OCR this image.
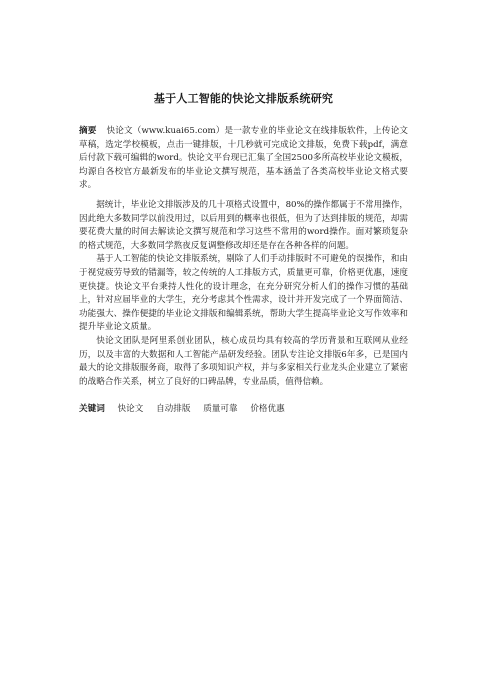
基于人工智能的快论文排版系统研究

摘要 快论文（www.kuai65.com）是一款专业的毕业论文在线排版软件，上传论文草稿，选定学校模板，点击一键排版，十几秒就可完成论文排版，免费下载pdf，满意后付款下载可编辑的word。快论文平台现已汇集了全国2500多所高校毕业论文模板，均源自各校官方最新发布的毕业论文撰写规范，基本涵盖了各类高校毕业论文格式要求。

据统计，毕业论文排版涉及的几十项格式设置中，80%的操作都属于不常用操作，因此绝大多数同学以前没用过，以后用到的概率也很低，但为了达到排版的规范，却需要花费大量的时间去解读论文撰写规范和学习这些不常用的word操作。面对繁琐复杂的格式规范，大多数同学熬夜反复调整修改却还是存在各种各样的问题。

基于人工智能的快论文排版系统，剔除了人们手动排版时不可避免的误操作，和由于视觉疲劳导致的错漏等，较之传统的人工排版方式，质量更可靠，价格更优惠，速度更快捷。快论文平台秉持人性化的设计理念，在充分研究分析人们的操作习惯的基础上，针对应届毕业的大学生，充分考虑其个性需求，设计并开发完成了一个界面简洁、功能强大、操作便捷的毕业论文排版和编辑系统，帮助大学生提高毕业论文写作效率和提升毕业论文质量。

快论文团队是阿里系创业团队，核心成员均具有较高的学历背景和互联网从业经历，以及丰富的大数据和人工智能产品研发经验。团队专注论文排版6年多，已是国内最大的论文排版服务商，取得了多项知识产权，并与多家相关行业龙头企业建立了紧密的战略合作关系，树立了良好的口碑品牌，专业品质，值得信赖。

关键词 快论文 自动排版 质量可靠 价格优惠
